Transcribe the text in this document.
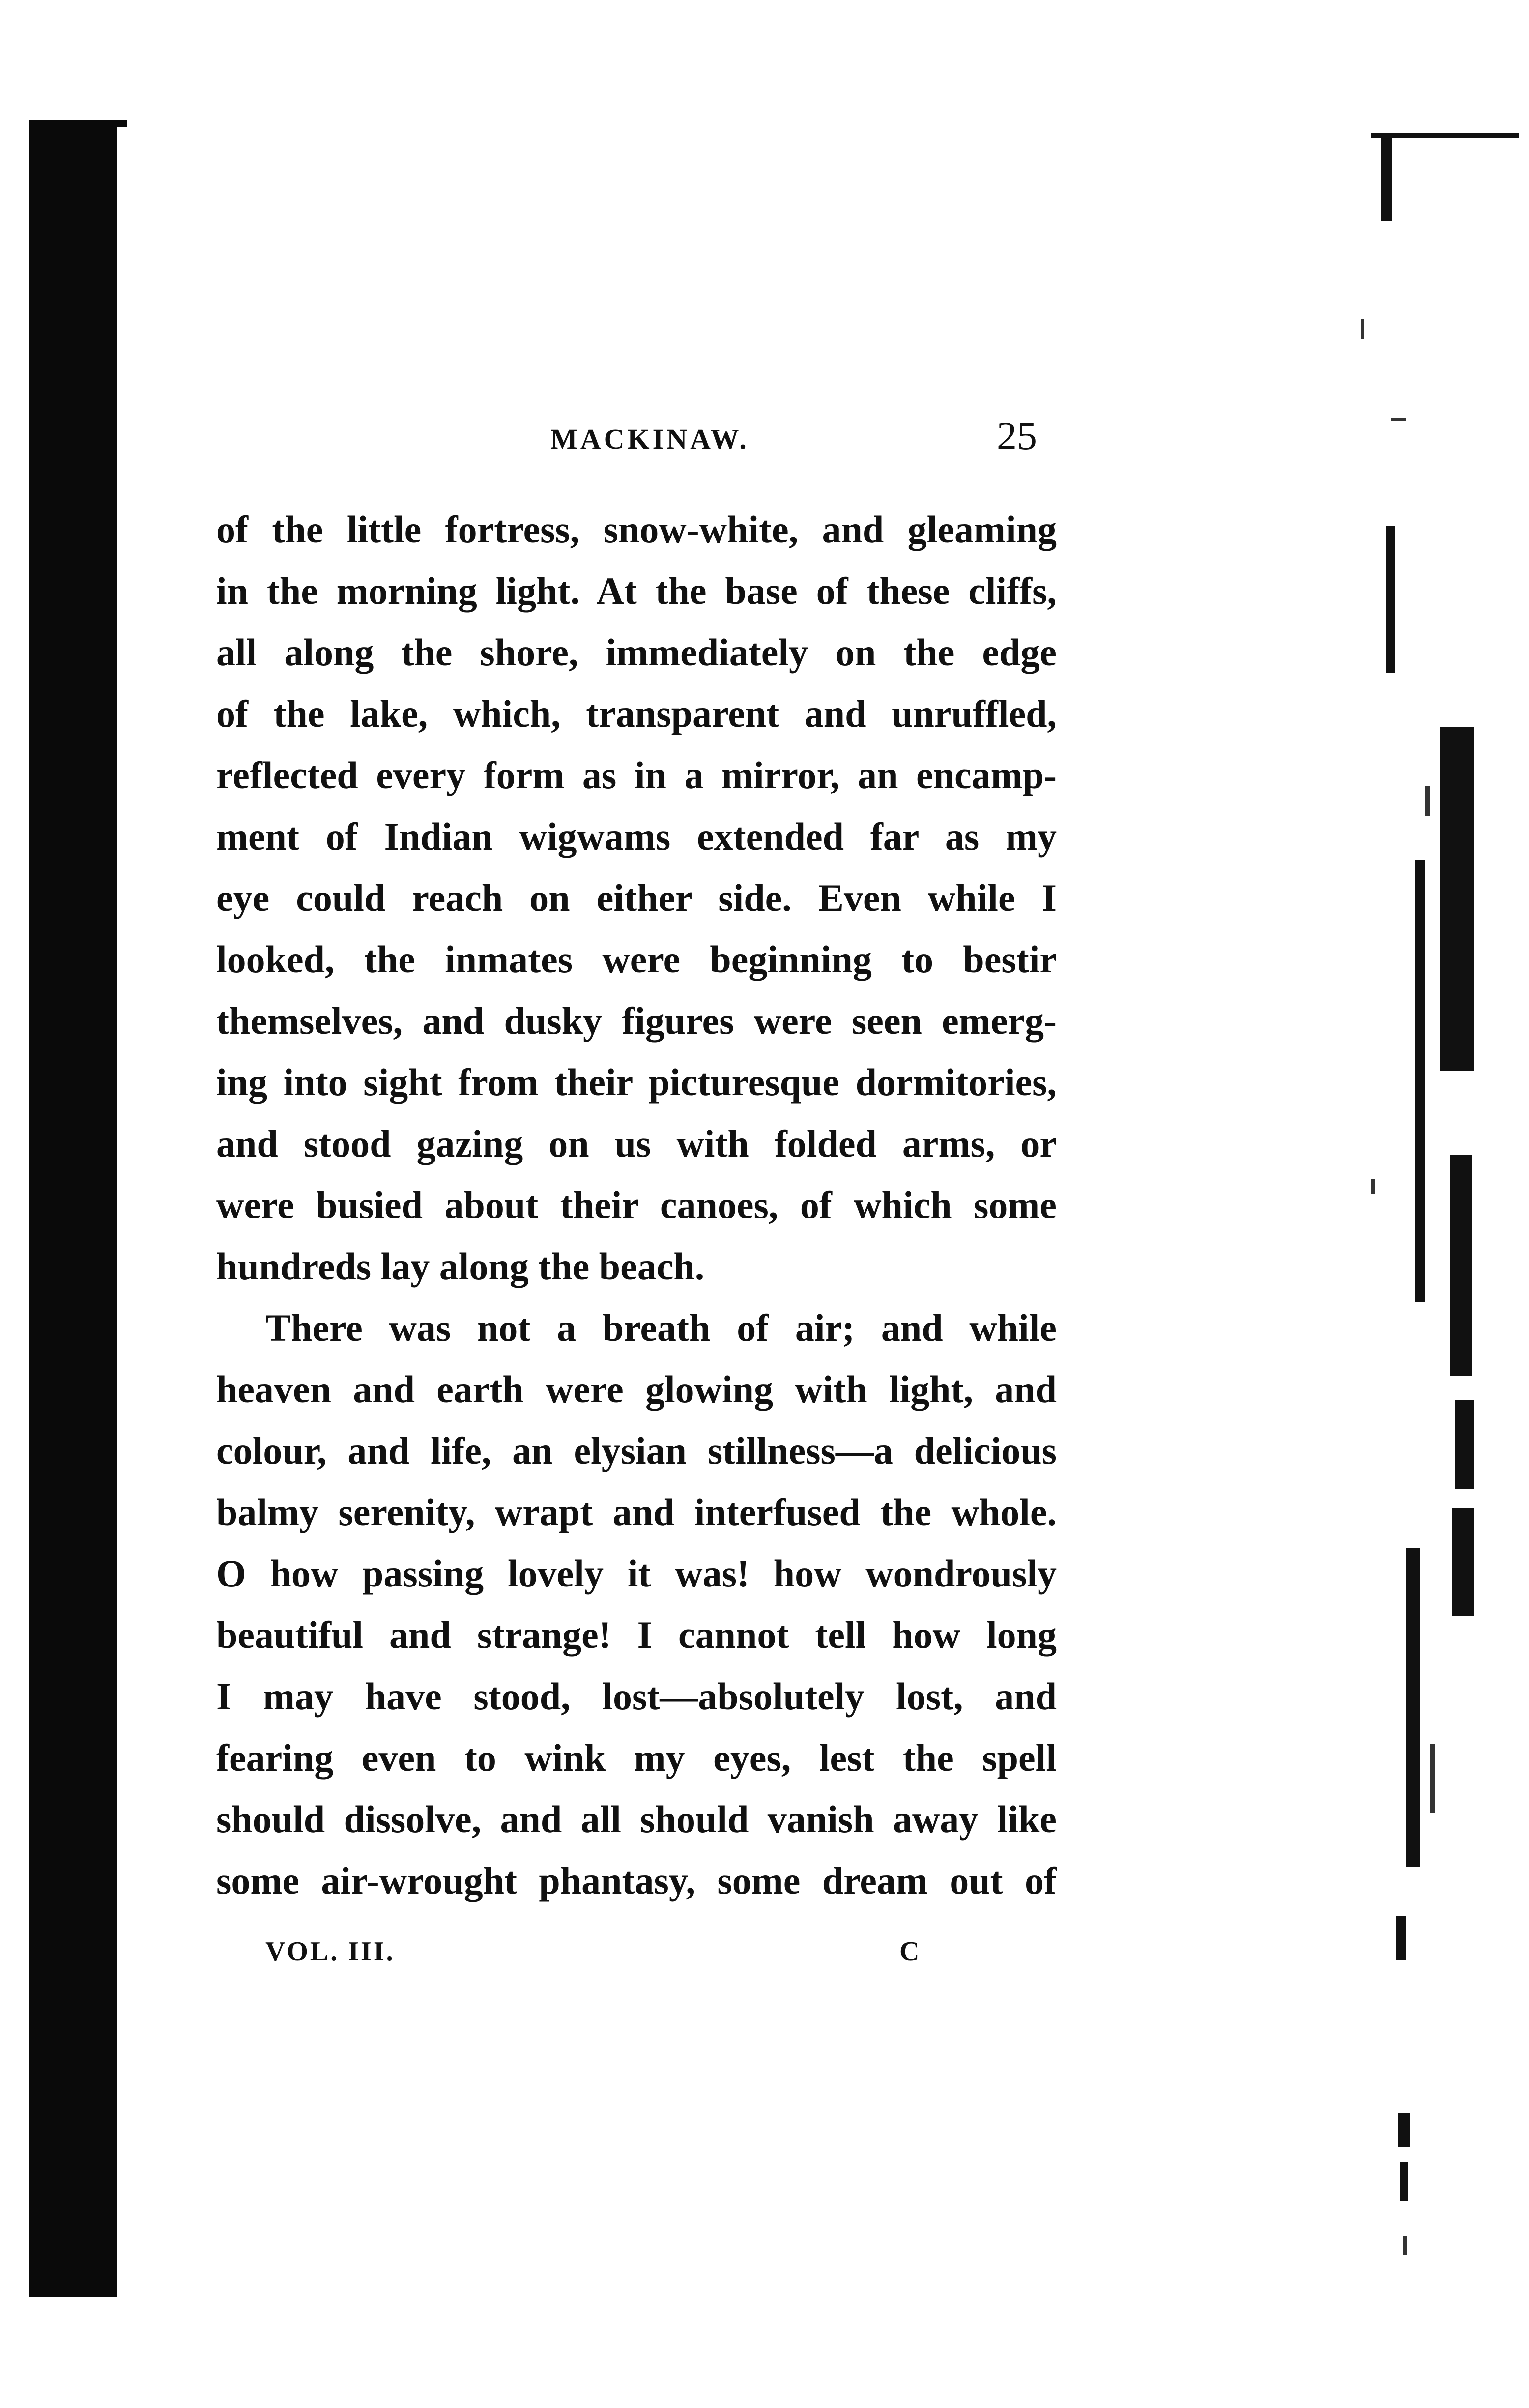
MACKINAW.	25
of the little fortress, snow-white, and gleaming
in the morning light. At the base of these cliffs,
all along the shore, immediately on the edge
of the lake, which, transparent and unruffled,
reflected every form as in a mirror, an encamp-
ment of Indian wigwams extended far as my
eye could reach on either side. Even while I
looked, the inmates were beginning to bestir
themselves, and dusky figures were seen emerg-
ing into sight from their picturesque dormitories,
and stood gazing on us with folded arms, or
were busied about their canoes, of which some
hundreds lay along the beach.
There was not a breath of air; and while
heaven and earth were glowing with light, and
colour, and life, an elysian stillness—a delicious
balmy serenity, wrapt and interfused the whole.
O how passing lovely it was! how wondrously
beautiful and strange! I cannot tell how long
I may have stood, lost—absolutely lost, and
fearing even to wink my eyes, lest the spell
should dissolve, and all should vanish away like
some air-wrought phantasy, some dream out of
VOL. III.	C
